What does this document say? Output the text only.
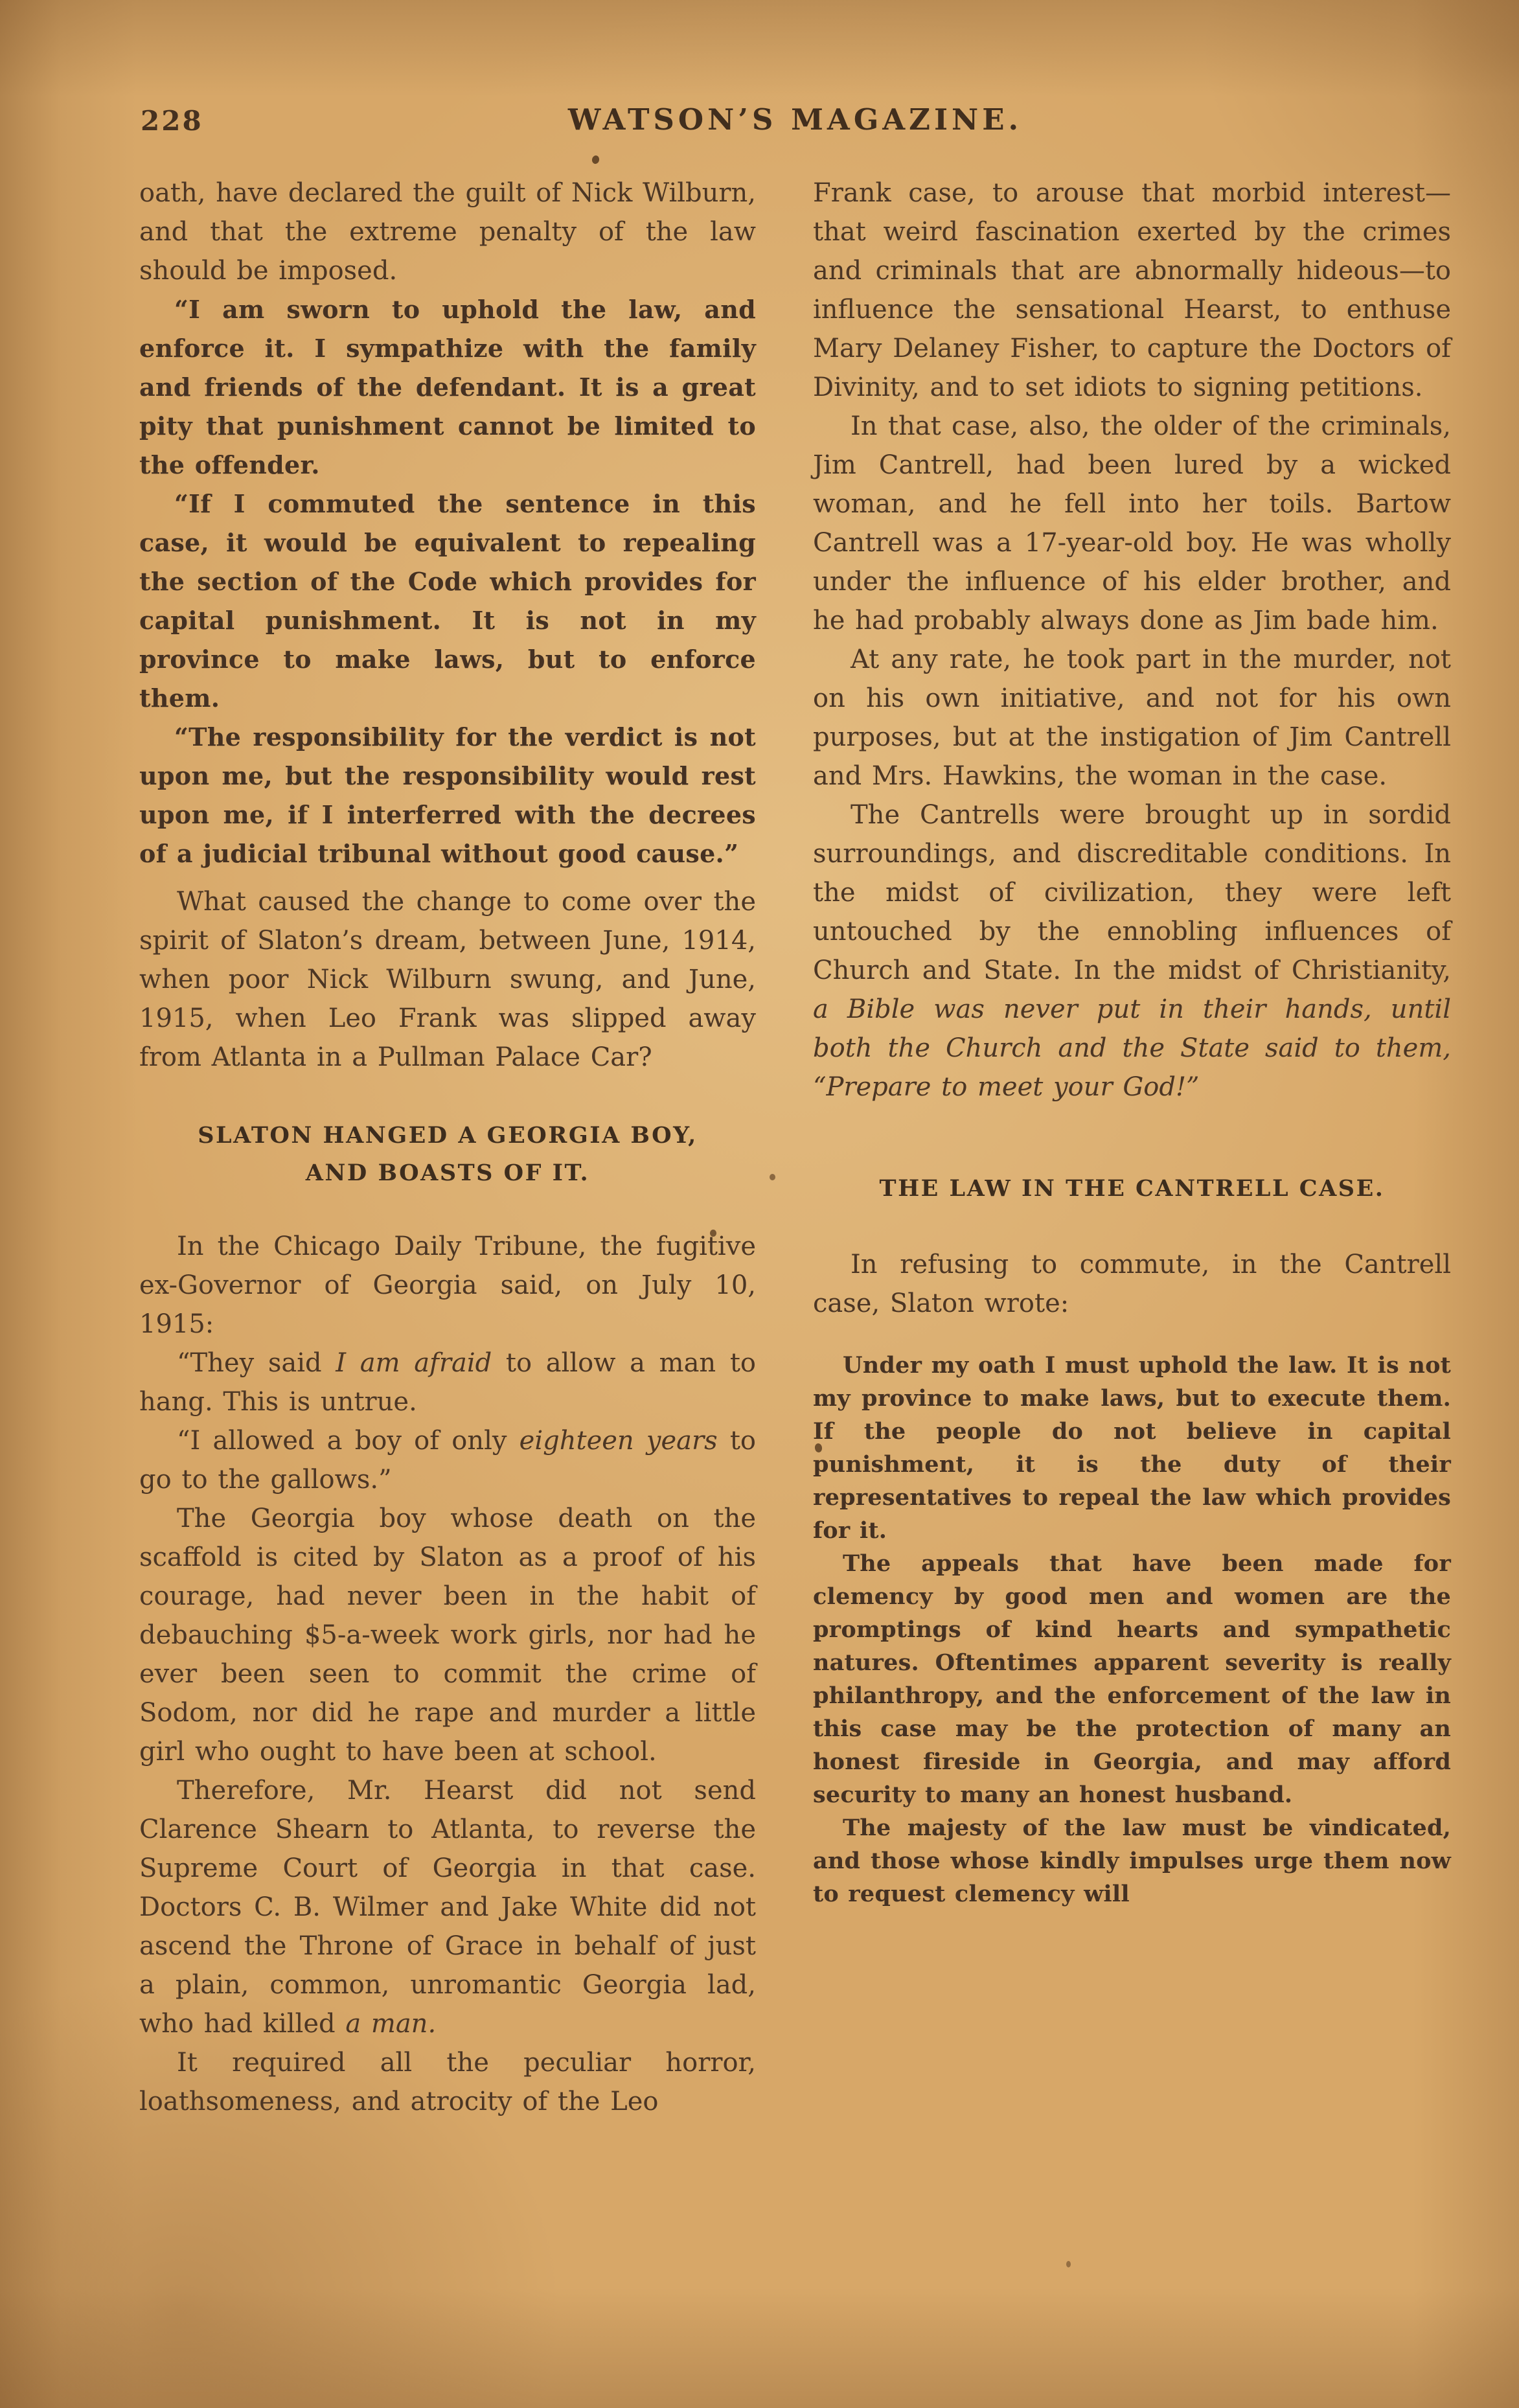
228	WATSON’S MAGAZINE.

oath, have declared the guilt of Nick Wilburn, and that the extreme penalty of the law should be imposed.

“I am sworn to uphold the law, and enforce it. I sympathize with the family and friends of the defendant. It is a great pity that punishment cannot be limited to the offender.

“If I commuted the sentence in this case, it would be equivalent to repealing the section of the Code which provides for capital punishment. It is not in my province to make laws, but to enforce them.

“The responsibility for the verdict is not upon me, but the responsibility would rest upon me, if I interferred with the decrees of a judicial tribunal without good cause.”

What caused the change to come over the spirit of Slaton’s dream, between June, 1914, when poor Nick Wilburn swung, and June, 1915, when Leo Frank was slipped away from Atlanta in a Pullman Palace Car?

SLATON HANGED A GEORGIA BOY,
AND BOASTS OF IT.

In the Chicago Daily Tribune, the fugitive ex-Governor of Georgia said, on July 10, 1915:

“They said I am afraid to allow a man to hang. This is untrue.

“I allowed a boy of only eighteen years to go to the gallows.”

The Georgia boy whose death on the scaffold is cited by Slaton as a proof of his courage, had never been in the habit of debauching $5-a-week work girls, nor had he ever been seen to commit the crime of Sodom, nor did he rape and murder a little girl who ought to have been at school.

Therefore, Mr. Hearst did not send Clarence Shearn to Atlanta, to reverse the Supreme Court of Georgia in that case. Doctors C. B. Wilmer and Jake White did not ascend the Throne of Grace in behalf of just a plain, common, unromantic Georgia lad, who had killed a man.

It required all the peculiar horror, loathsomeness, and atrocity of the Leo

Frank case, to arouse that morbid interest—that weird fascination exerted by the crimes and criminals that are abnormally hideous—to influence the sensational Hearst, to enthuse Mary Delaney Fisher, to capture the Doctors of Divinity, and to set idiots to signing petitions.

In that case, also, the older of the criminals, Jim Cantrell, had been lured by a wicked woman, and he fell into her toils. Bartow Cantrell was a 17-year-old boy. He was wholly under the influence of his elder brother, and he had probably always done as Jim bade him.

At any rate, he took part in the murder, not on his own initiative, and not for his own purposes, but at the instigation of Jim Cantrell and Mrs. Hawkins, the woman in the case.

The Cantrells were brought up in sordid surroundings, and discreditable conditions. In the midst of civilization, they were left untouched by the ennobling influences of Church and State. In the midst of Christianity, a Bible was never put in their hands, until both the Church and the State said to them, “Prepare to meet your God!”

THE LAW IN THE CANTRELL CASE.

In refusing to commute, in the Cantrell case, Slaton wrote:

Under my oath I must uphold the law. It is not my province to make laws, but to execute them. If the people do not believe in capital punishment, it is the duty of their representatives to repeal the law which provides for it.

The appeals that have been made for clemency by good men and women are the promptings of kind hearts and sympathetic natures. Oftentimes apparent severity is really philanthropy, and the enforcement of the law in this case may be the protection of many an honest fireside in Georgia, and may afford security to many an honest husband.

The majesty of the law must be vindicated, and those whose kindly impulses urge them now to request clemency will
